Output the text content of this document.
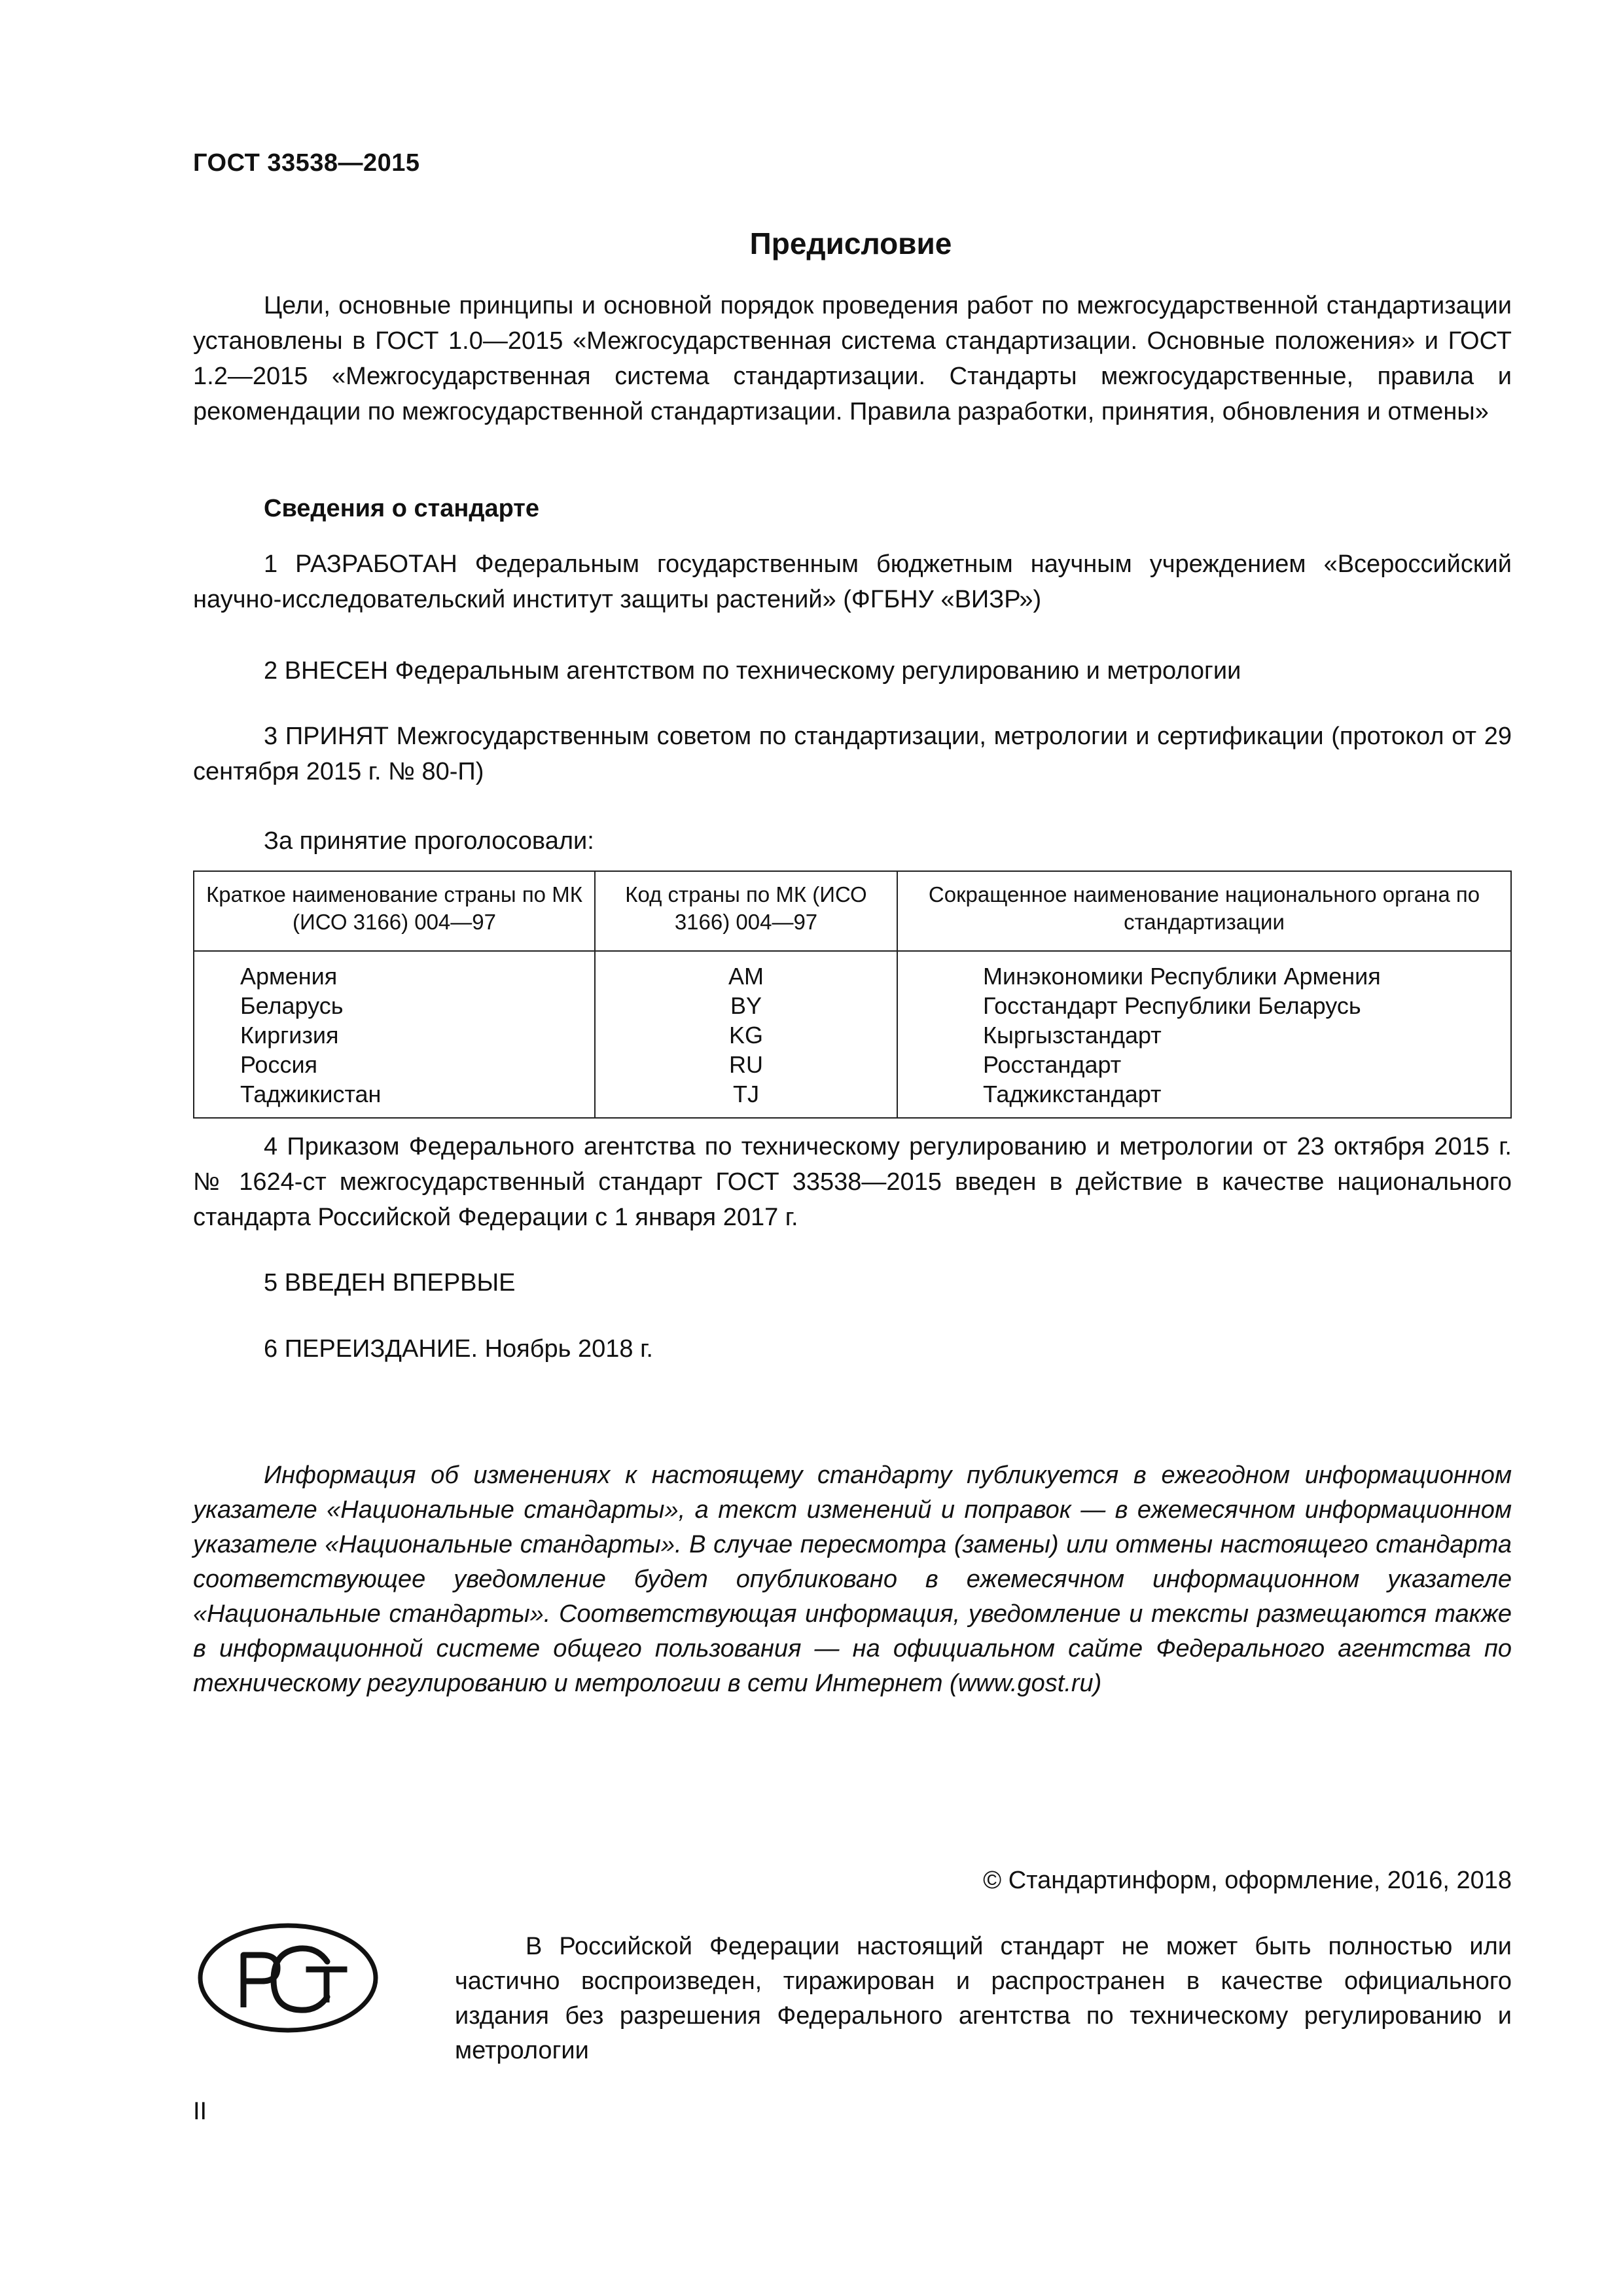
ГОСТ 33538—2015
Предисловие
Цели, основные принципы и основной порядок проведения работ по межгосударственной стандартизации установлены в ГОСТ 1.0—2015 «Межгосударственная система стандартизации. Основные положения» и ГОСТ 1.2—2015 «Межгосударственная система стандартизации. Стандарты межгосударственные, правила и рекомендации по межгосударственной стандартизации. Правила разработки, принятия, обновления и отмены»
Сведения о стандарте
1 РАЗРАБОТАН Федеральным государственным бюджетным научным учреждением «Всероссийский научно-исследовательский институт защиты растений» (ФГБНУ «ВИЗР»)
2 ВНЕСЕН Федеральным агентством по техническому регулированию и метрологии
3 ПРИНЯТ Межгосударственным советом по стандартизации, метрологии и сертификации (протокол от 29 сентября 2015 г. № 80-П)
За принятие проголосовали:
Краткое наименование страны по МК (ИСО 3166) 004—97	Код страны по МК (ИСО 3166) 004—97	Сокращенное наименование национального органа по стандартизации
Армения	AM	Минэкономики Республики Армения
Беларусь	BY	Госстандарт Республики Беларусь
Киргизия	KG	Кыргызстандарт
Россия	RU	Росстандарт
Таджикистан	TJ	Таджикстандарт
4 Приказом Федерального агентства по техническому регулированию и метрологии от 23 октября 2015 г. № 1624-ст межгосударственный стандарт ГОСТ 33538—2015 введен в действие в качестве национального стандарта Российской Федерации с 1 января 2017 г.
5 ВВЕДЕН ВПЕРВЫЕ
6 ПЕРЕИЗДАНИЕ. Ноябрь 2018 г.
Информация об изменениях к настоящему стандарту публикуется в ежегодном информационном указателе «Национальные стандарты», а текст изменений и поправок — в ежемесячном информационном указателе «Национальные стандарты». В случае пересмотра (замены) или отмены настоящего стандарта соответствующее уведомление будет опубликовано в ежемесячном информационном указателе «Национальные стандарты». Соответствующая информация, уведомление и тексты размещаются также в информационной системе общего пользования — на официальном сайте Федерального агентства по техническому регулированию и метрологии в сети Интернет (www.gost.ru)
© Стандартинформ, оформление, 2016, 2018
В Российской Федерации настоящий стандарт не может быть полностью или частично воспроизведен, тиражирован и распространен в качестве официального издания без разрешения Федерального агентства по техническому регулированию и метрологии
II
